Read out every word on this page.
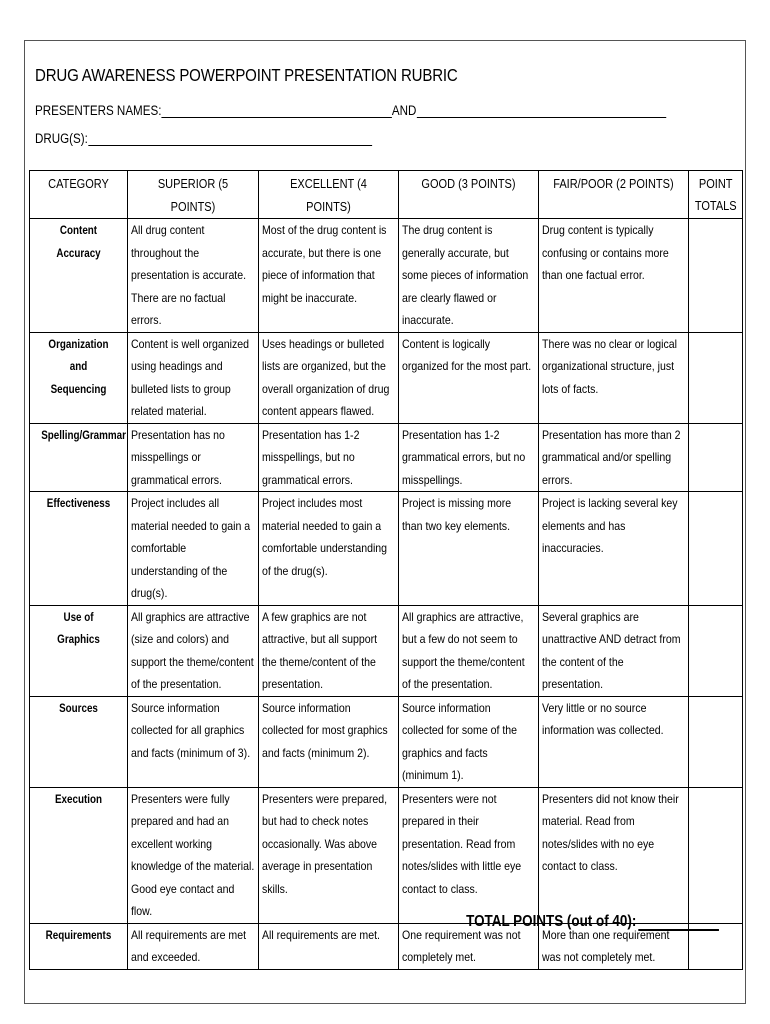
DRUG AWARENESS POWERPOINT PRESENTATION RUBRIC
PRESENTERS NAMES:	AND
DRUG(S):
CATEGORY	SUPERIOR (5 POINTS)	EXCELLENT (4 POINTS)	GOOD (3 POINTS)	FAIR/POOR (2 POINTS)	POINT TOTALS

Content Accuracy	All drug content throughout the presentation is accurate. There are no factual errors.	Most of the drug content is accurate, but there is one piece of information that might be inaccurate.	The drug content is generally accurate, but some pieces of information are clearly flawed or inaccurate.	Drug content is typically confusing or contains more than one factual error.	

Organization and Sequencing	Content is well organized using headings and bulleted lists to group related material.	Uses headings or bulleted lists are organized, but the overall organization of drug content appears flawed.	Content is logically organized for the most part.	There was no clear or logical organizational structure, just lots of facts.	

Spelling/Grammar	Presentation has no misspellings or grammatical errors.	Presentation has 1-2 misspellings, but no grammatical errors.	Presentation has 1-2 grammatical errors, but no misspellings.	Presentation has more than 2 grammatical and/or spelling errors.	

Effectiveness	Project includes all material needed to gain a comfortable understanding of the drug(s).	Project includes most material needed to gain a comfortable understanding of the drug(s).	Project is missing more than two key elements.	Project is lacking several key elements and has inaccuracies.	

Use of Graphics	All graphics are attractive (size and colors) and support the theme/content of the presentation.	A few graphics are not attractive, but all support the theme/content of the presentation.	All graphics are attractive, but a few do not seem to support the theme/content of the presentation.	Several graphics are unattractive AND detract from the content of the presentation.	

Sources	Source information collected for all graphics and facts (minimum of 3).	Source information collected for most graphics and facts (minimum 2).	Source information collected for some of the graphics and facts (minimum 1).	Very little or no source information was collected.	

Execution	Presenters were fully prepared and had an excellent working knowledge of the material. Good eye contact and flow.	Presenters were prepared, but had to check notes occasionally. Was above average in presentation skills.	Presenters were not prepared in their presentation. Read from notes/slides with little eye contact to class.	Presenters did not know their material. Read from notes/slides with no eye contact to class.	

Requirements	All requirements are met and exceeded.	All requirements are met.	One requirement was not completely met.	More than one requirement was not completely met.	

TOTAL POINTS (out of 40):
